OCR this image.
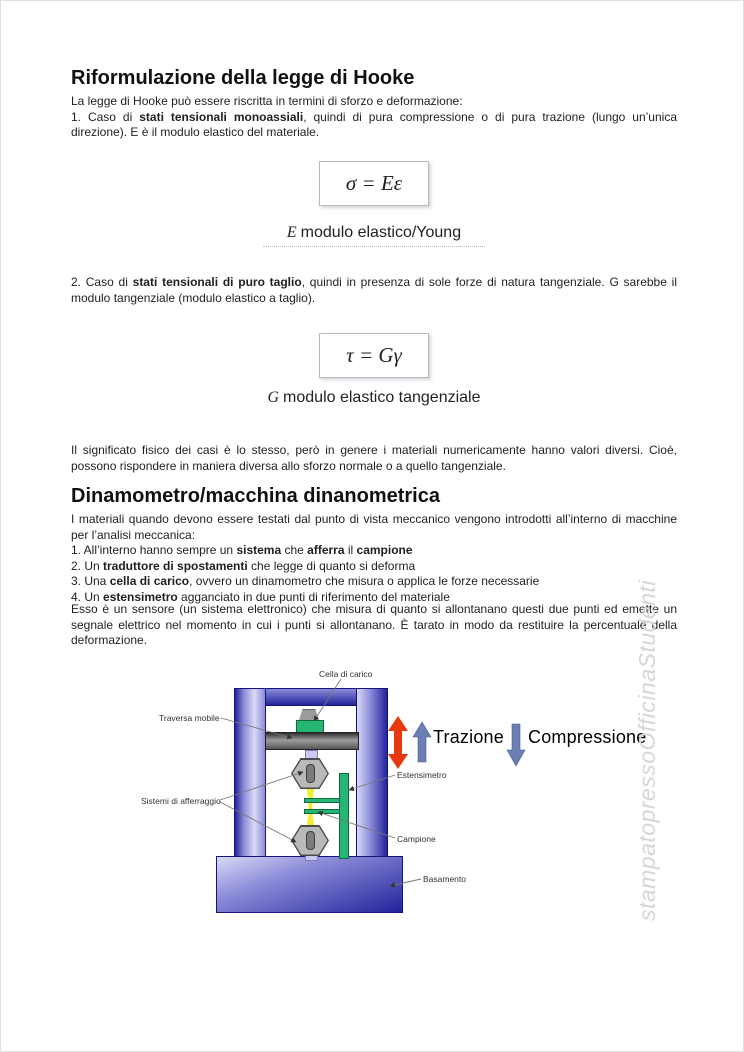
Riformulazione della legge di Hooke
La legge di Hooke può essere riscritta in termini di sforzo e deformazione:
1. Caso di stati tensionali monoassiali, quindi di pura compressione o di pura trazione (lungo un’unica direzione). E è il modulo elastico del materiale.
σ = Eε
E modulo elastico/Young
2. Caso di stati tensionali di puro taglio, quindi in presenza di sole forze di natura tangenziale. G sarebbe il modulo tangenziale (modulo elastico a taglio).
τ = Gγ
G modulo elastico tangenziale
Il significato fisico dei casi è lo stesso, però in genere i materiali numericamente hanno valori diversi. Cioè, possono rispondere in maniera diversa allo sforzo normale o a quello tangenziale.
Dinamometro/macchina dinanometrica
I materiali quando devono essere testati dal punto di vista meccanico vengono introdotti all’interno di macchine per l’analisi meccanica:
1. All’interno hanno sempre un sistema che afferra il campione
2. Un traduttore di spostamenti che legge di quanto si deforma
3. Una cella di carico, ovvero un dinamometro che misura o applica le forze necessarie
4. Un estensimetro agganciato in due punti di riferimento del materiale
Esso è un sensore (un sistema elettronico) che misura di quanto si allontanano questi due punti ed emette un segnale elettrico nel momento in cui i punti si allontanano. È tarato in modo da restituire la percentuale della deformazione.
Cella di carico
Traversa mobile
Sistemi di afferraggio
Estensimetro
Campione
Basamento
Trazione Compressione
stampatopressoOfficinaStudenti
